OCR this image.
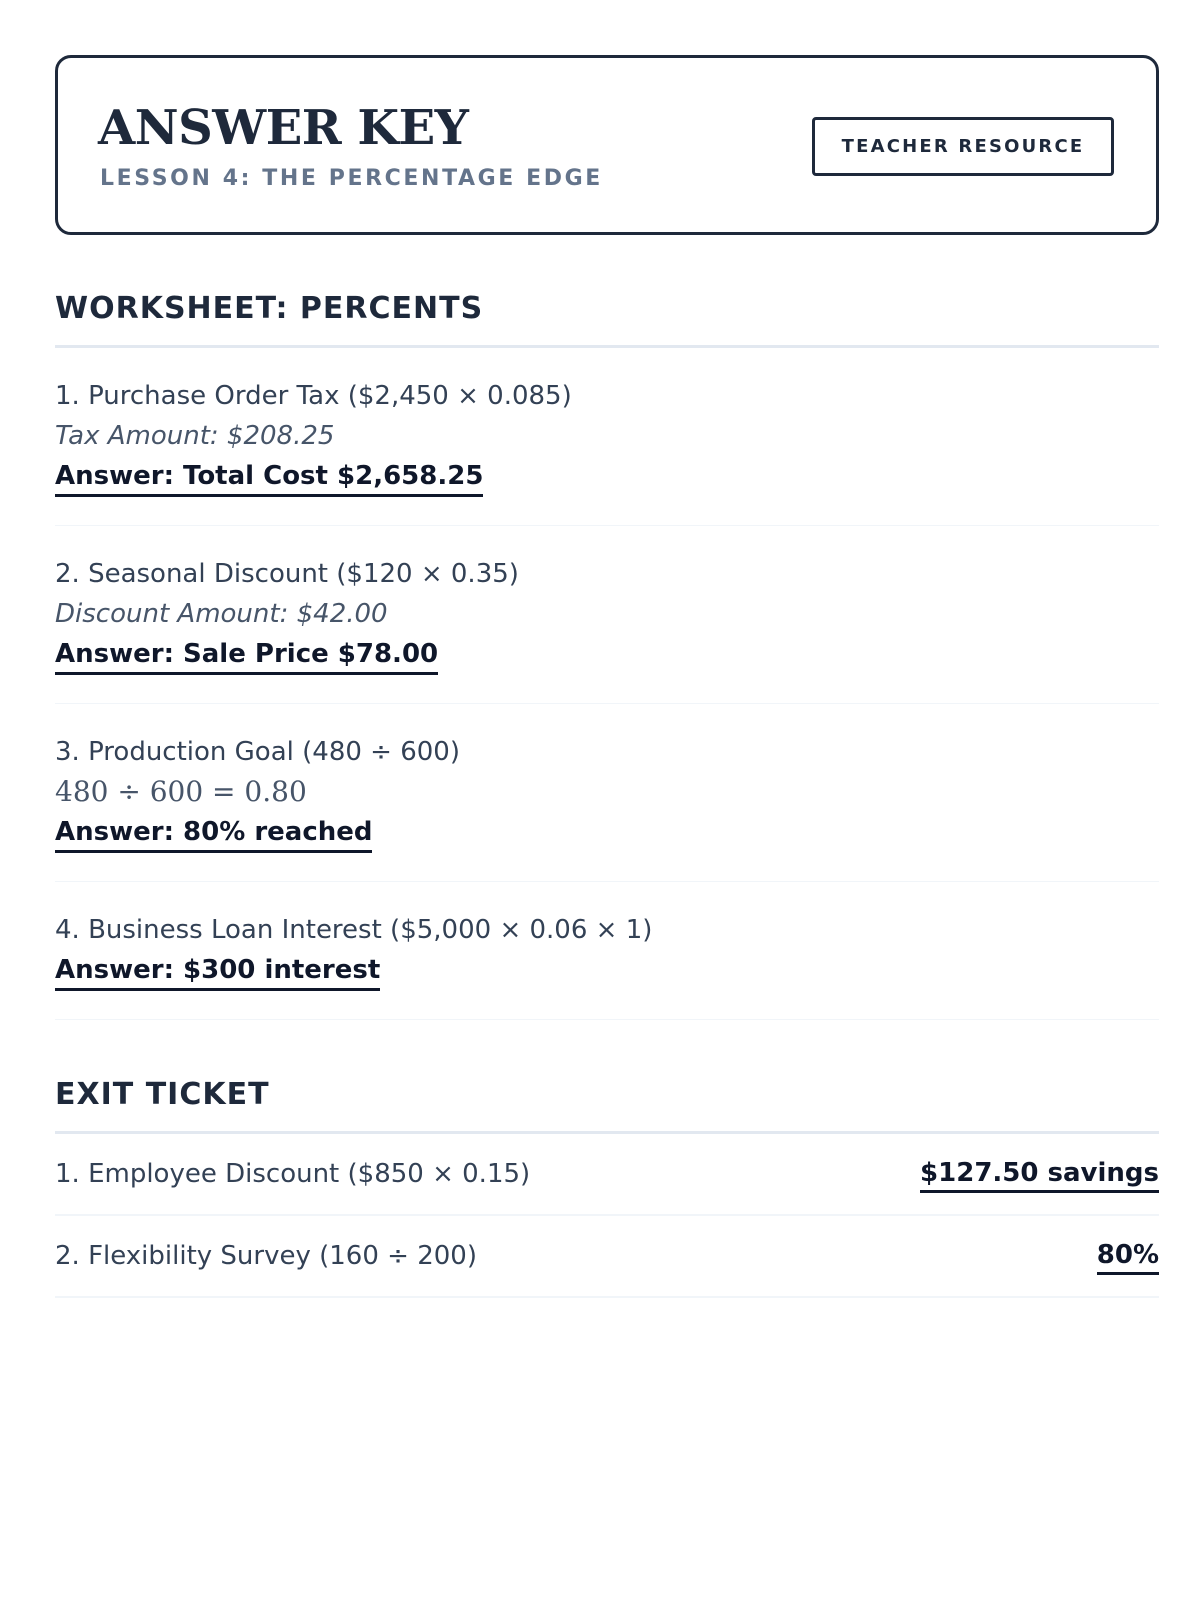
ANSWER KEY
LESSON 4: THE PERCENTAGE EDGE
TEACHER RESOURCE
WORKSHEET: PERCENTS
1. Purchase Order Tax ($2,450 × 0.085)
Tax Amount: $208.25
Answer: Total Cost $2,658.25
2. Seasonal Discount ($120 × 0.35)
Discount Amount: $42.00
Answer: Sale Price $78.00
3. Production Goal (480 ÷ 600)
480 ÷ 600 = 0.80
Answer: 80% reached
4. Business Loan Interest ($5,000 × 0.06 × 1)
Answer: $300 interest
EXIT TICKET
1. Employee Discount ($850 × 0.15)	$127.50 savings
2. Flexibility Survey (160 ÷ 200)	80%
